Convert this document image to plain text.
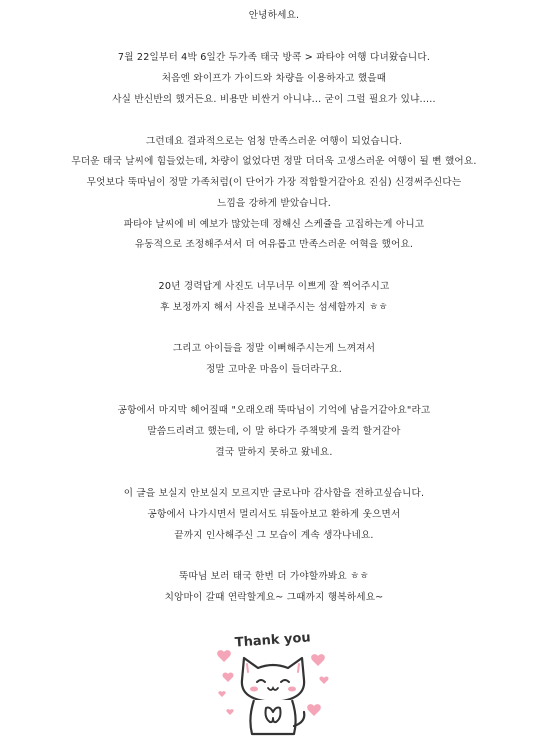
안녕하세요.
7월 22일부터 4박 6일간 두가족 태국 방콕 > 파타야 여행 다녀왔습니다.
처음엔 와이프가 가이드와 차량을 이용하자고 했을때
사실 반신반의 했거든요. 비용만 비싼거 아니냐... 굳이 그럴 필요가 있냐.....
그런데요 결과적으로는 엄청 만족스러운 여행이 되었습니다.
무더운 태국 날씨에 힘들었는데, 차량이 없었다면 정말 더더욱 고생스러운 여행이 될 뻔 했어요.
무엇보다 뚝따님이 정말 가족처럼(이 단어가 가장 적합할거같아요 진심) 신경써주신다는
느낌을 강하게 받았습니다.
파타야 날씨에 비 예보가 많았는데 정해신 스케쥴을 고집하는게 아니고
유동적으로 조정해주셔서 더 여유롭고 만족스러운 여혁을 했어요.
20년 경력답게 사진도 너무너무 이쁘게 잘 찍어주시고
후 보정까지 해서 사진을 보내주시는 섬세함까지 ㅎㅎ
그리고 아이들을 정말 이뻐해주시는게 느껴져서
정말 고마운 마음이 들더라구요.
공항에서 마지막 헤어질때 "오래오래 뚝따님이 기억에 남을거같아요"라고
말씀드리려고 했는데, 이 말 하다가 주책맞게 울컥 할거같아
결국 말하지 못하고 왔네요.
이 글을 보실지 안보실지 모르지만 글로나마 감사함을 전하고싶습니다.
공항에서 나가시면서 멀리서도 뒤돌아보고 환하게 웃으면서
끝까지 인사해주신 그 모습이 계속 생각나네요.
뚝따님 보러 태국 한번 더 가야할까봐요 ㅎㅎ
치앙마이 갈때 연락할게요~ 그때까지 행복하세요~
Thank you
